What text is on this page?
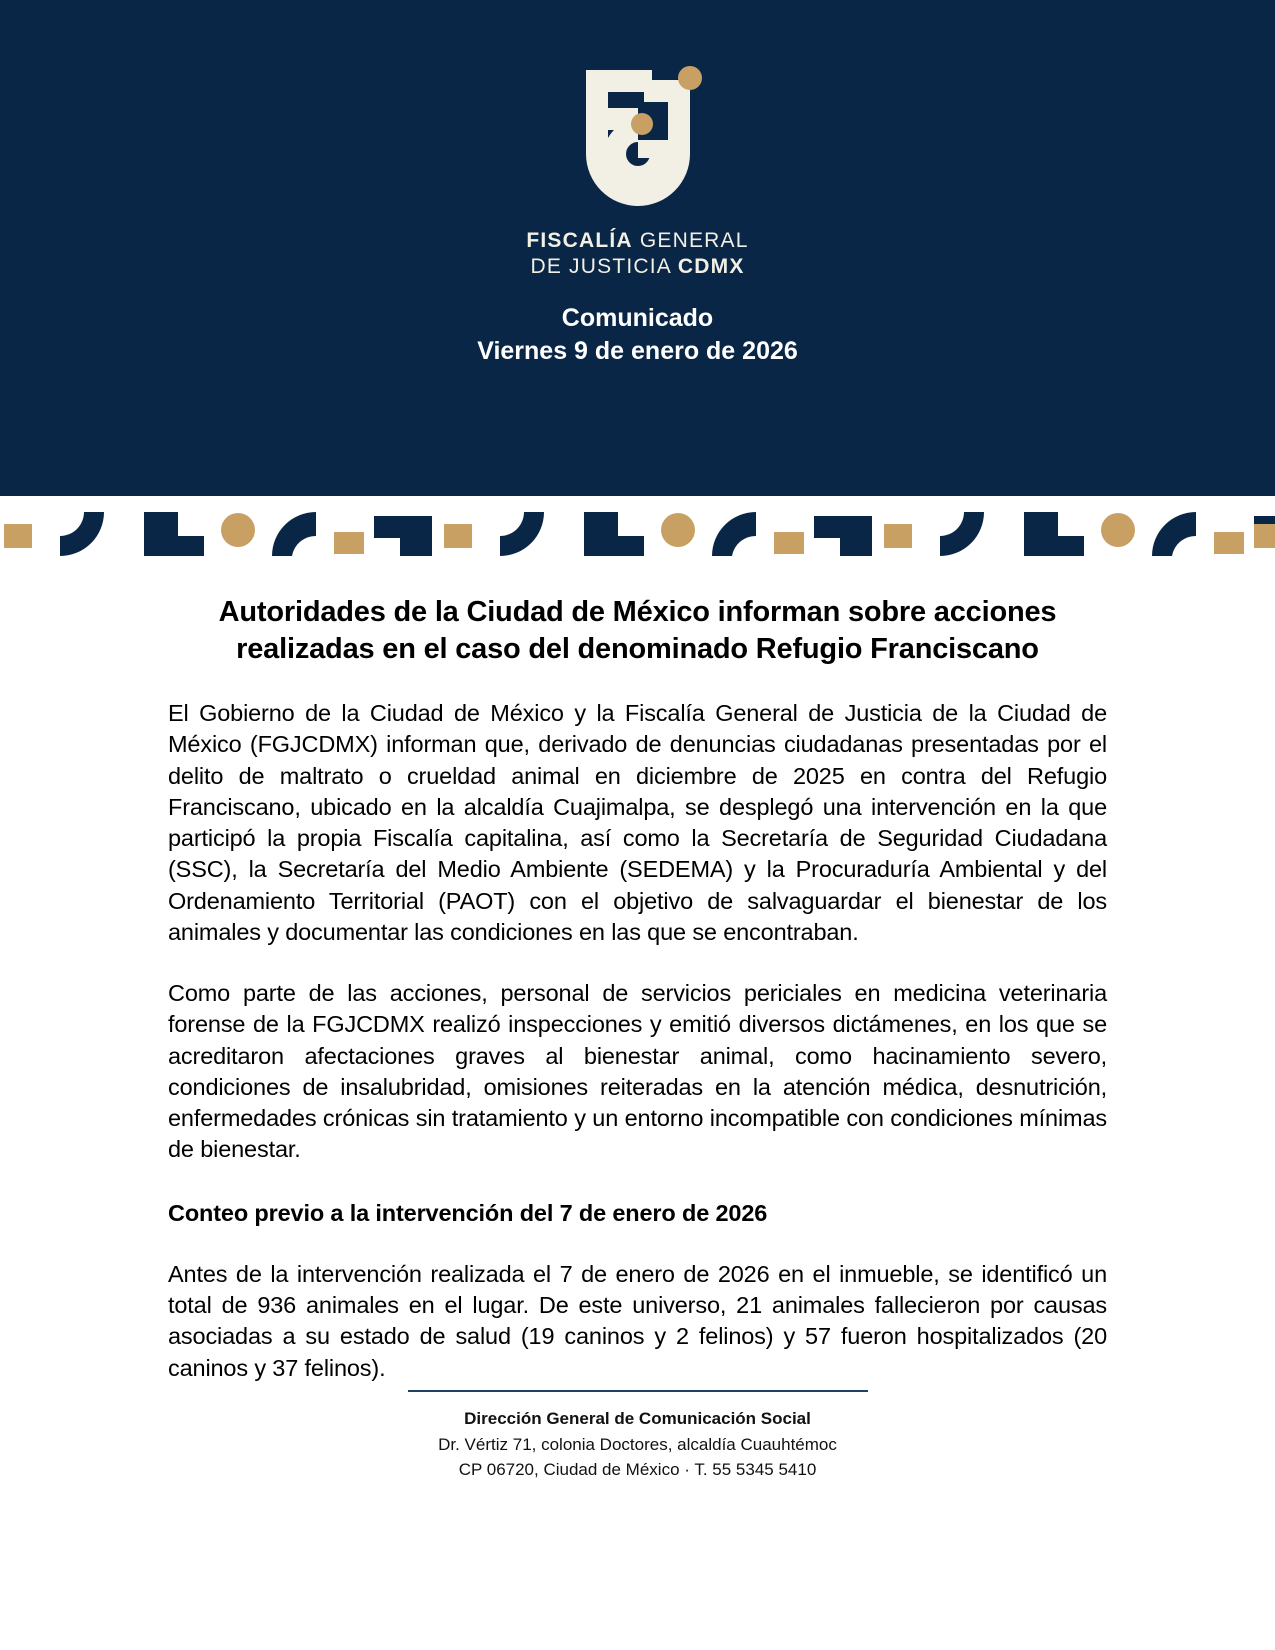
FISCALÍA GENERAL
DE JUSTICIA CDMX
Comunicado
Viernes 9 de enero de 2026
Autoridades de la Ciudad de México informan sobre acciones realizadas en el caso del denominado Refugio Franciscano

El Gobierno de la Ciudad de México y la Fiscalía General de Justicia de la Ciudad de México (FGJCDMX) informan que, derivado de denuncias ciudadanas presentadas por el delito de maltrato o crueldad animal en diciembre de 2025 en contra del Refugio Franciscano, ubicado en la alcaldía Cuajimalpa, se desplegó una intervención en la que participó la propia Fiscalía capitalina, así como la Secretaría de Seguridad Ciudadana (SSC), la Secretaría del Medio Ambiente (SEDEMA) y la Procuraduría Ambiental y del Ordenamiento Territorial (PAOT) con el objetivo de salvaguardar el bienestar de los animales y documentar las condiciones en las que se encontraban.

Como parte de las acciones, personal de servicios periciales en medicina veterinaria forense de la FGJCDMX realizó inspecciones y emitió diversos dictámenes, en los que se acreditaron afectaciones graves al bienestar animal, como hacinamiento severo, condiciones de insalubridad, omisiones reiteradas en la atención médica, desnutrición, enfermedades crónicas sin tratamiento y un entorno incompatible con condiciones mínimas de bienestar.

Conteo previo a la intervención del 7 de enero de 2026

Antes de la intervención realizada el 7 de enero de 2026 en el inmueble, se identificó un total de 936 animales en el lugar. De este universo, 21 animales fallecieron por causas asociadas a su estado de salud (19 caninos y 2 felinos) y 57 fueron hospitalizados (20 caninos y 37 felinos).

Dirección General de Comunicación Social
Dr. Vértiz 71, colonia Doctores, alcaldía Cuauhtémoc
CP 06720, Ciudad de México · T. 55 5345 5410
